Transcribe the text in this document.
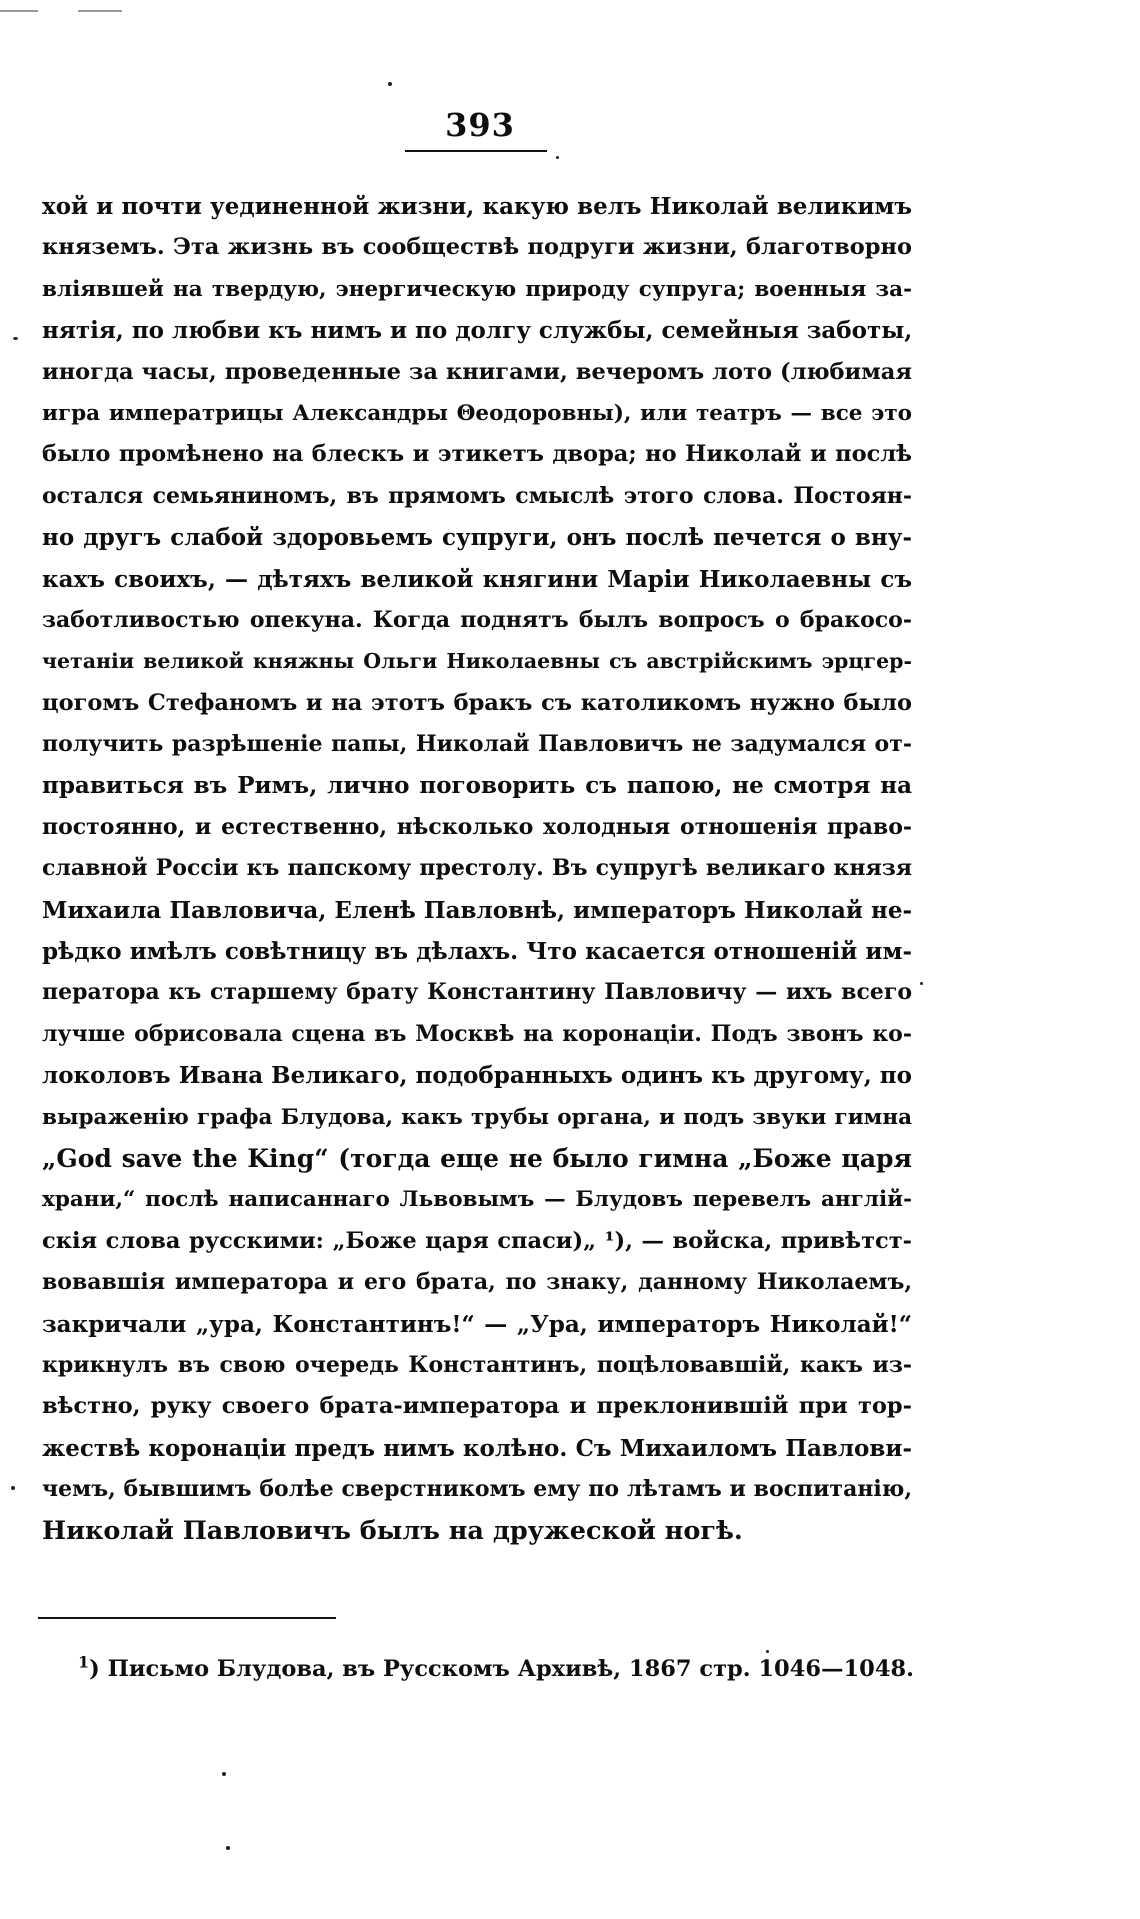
393
хой и почти уединенной жизни, какую велъ Николай великимъ
княземъ. Эта жизнь въ сообществѣ подруги жизни, благотворно
влiявшей на твердую, энергическую природу супруга; военныя за-
нятiя, по любви къ нимъ и по долгу службы, семейныя заботы,
иногда часы, проведенные за книгами, вечеромъ лото (любимая
игра императрицы Александры Θеодоровны), или театръ — все это
было промѣнено на блескъ и этикетъ двора; но Николай и послѣ
остался семьяниномъ, въ прямомъ смыслѣ этого слова. Постоян-
но другъ слабой здоровьемъ супруги, онъ послѣ печется о вну-
кахъ своихъ, — дѣтяхъ великой княгини Марiи Николаевны съ
заботливостью опекуна. Когда поднятъ былъ вопросъ о бракосо-
четанiи великой княжны Ольги Николаевны съ австрiйскимъ эрцгер-
цогомъ Стефаномъ и на этотъ бракъ съ католикомъ нужно было
получить разрѣшенiе папы, Николай Павловичъ не задумался от-
правиться въ Римъ, лично поговорить съ папою, не смотря на
постоянно, и естественно, нѣсколько холодныя отношенiя право-
славной Россiи къ папскому престолу. Въ супругѣ великаго князя
Михаила Павловича, Еленѣ Павловнѣ, императоръ Николай не-
рѣдко имѣлъ совѣтницу въ дѣлахъ. Что касается отношенiй им-
ператора къ старшему брату Константину Павловичу — ихъ всего
лучше обрисовала сцена въ Москвѣ на коронацiи. Подъ звонъ ко-
локоловъ Ивана Великаго, подобранныхъ одинъ къ другому, по
выраженiю графа Блудова, какъ трубы органа, и подъ звуки гимна
„God save the King“ (тогда еще не было гимна „Боже царя
храни,“ послѣ написаннаго Львовымъ — Блудовъ перевелъ англiй-
скiя слова русскими: „Боже царя спаси)„ ¹), — войска, привѣтст-
вовавшiя императора и его брата, по знаку, данному Николаемъ,
закричали „ура, Константинъ!“ — „Ура, императоръ Николай!“
крикнулъ въ свою очередь Константинъ, поцѣловавшiй, какъ из-
вѣстно, руку своего брата-императора и преклонившiй при тор-
жествѣ коронацiи предъ нимъ колѣно. Съ Михаиломъ Павлови-
чемъ, бывшимъ болѣе сверстникомъ ему по лѣтамъ и воспитанiю,
Николай Павловичъ былъ на дружеской ногѣ.
$^1$) Письмо Блудова, въ Русскомъ Архивѣ, 1867 стр. 1046—1048.
